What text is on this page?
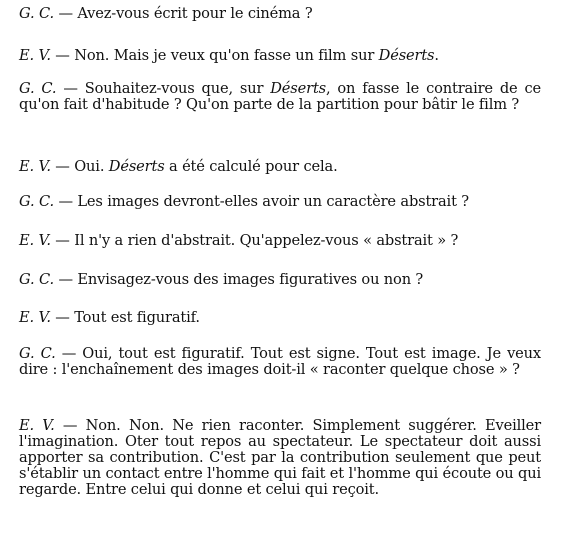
G. C. — Avez-vous écrit pour le cinéma ?

E. V. — Non. Mais je veux qu'on fasse un film sur Déserts.

G. C. — Souhaitez-vous que, sur Déserts, on fasse le contraire de ce qu'on fait d'habitude ? Qu'on parte de la partition pour bâtir le film ?

E. V. — Oui. Déserts a été calculé pour cela.

G. C. — Les images devront-elles avoir un caractère abstrait ?

E. V. — Il n'y a rien d'abstrait. Qu'appelez-vous « abstrait » ?

G. C. — Envisagez-vous des images figuratives ou non ?

E. V. — Tout est figuratif.

G. C. — Oui, tout est figuratif. Tout est signe. Tout est image. Je veux dire : l'enchaînement des images doit-il « raconter quelque chose » ?

E. V. — Non. Non. Ne rien raconter. Simplement suggérer. Eveiller l'imagination. Oter tout repos au spectateur. Le spectateur doit aussi apporter sa contribution. C'est par la contribution seulement que peut s'établir un contact entre l'homme qui fait et l'homme qui écoute ou qui regarde. Entre celui qui donne et celui qui reçoit.
